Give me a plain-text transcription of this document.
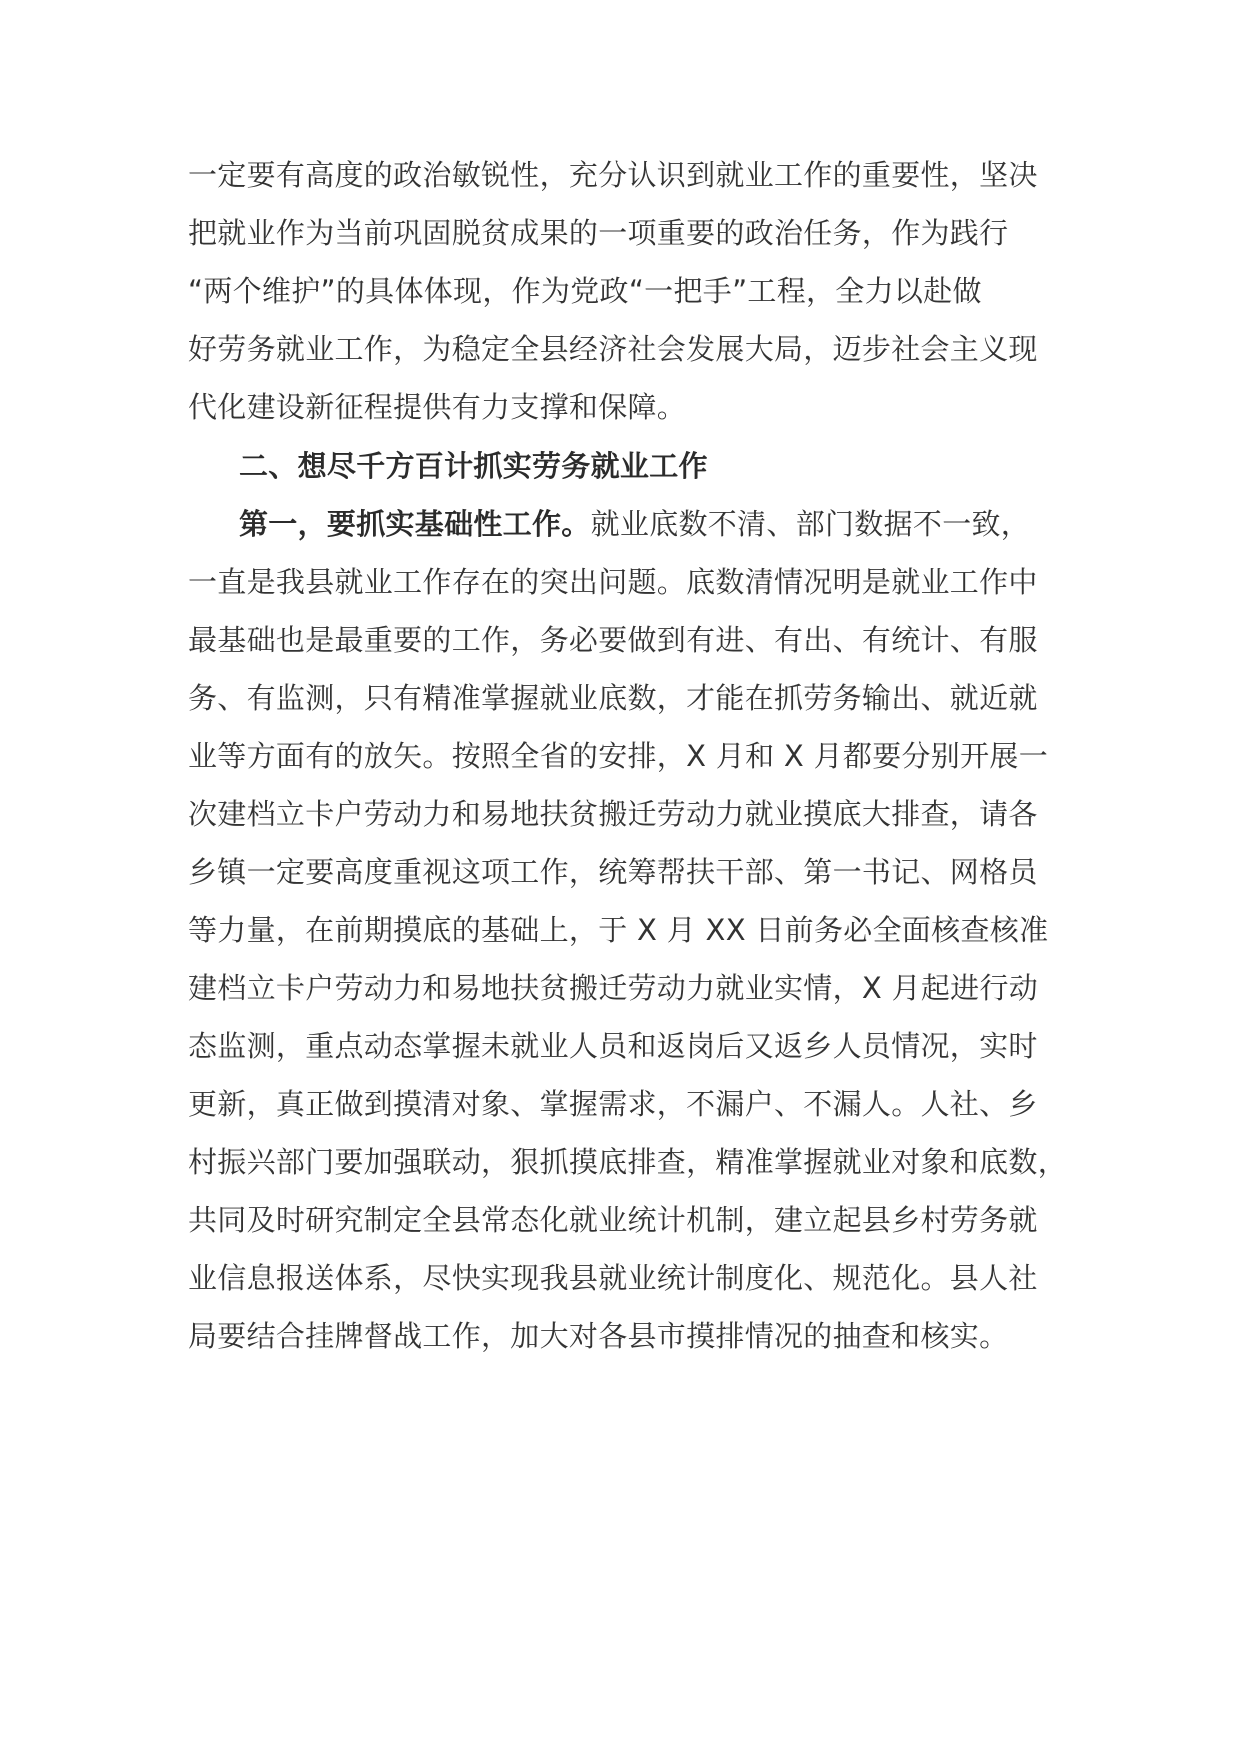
一定要有高度的政治敏锐性，充分认识到就业工作的重要性，坚决
把就业作为当前巩固脱贫成果的一项重要的政治任务，作为践行
“两个维护”的具体体现，作为党政“一把手”工程，全力以赴做
好劳务就业工作，为稳定全县经济社会发展大局，迈步社会主义现
代化建设新征程提供有力支撑和保障。
二、想尽千方百计抓实劳务就业工作
第一，要抓实基础性工作。就业底数不清、部门数据不一致，
一直是我县就业工作存在的突出问题。底数清情况明是就业工作中
最基础也是最重要的工作，务必要做到有进、有出、有统计、有服
务、有监测，只有精准掌握就业底数，才能在抓劳务输出、就近就
业等方面有的放矢。按照全省的安排，X 月和 X 月都要分别开展一
次建档立卡户劳动力和易地扶贫搬迁劳动力就业摸底大排查，请各
乡镇一定要高度重视这项工作，统筹帮扶干部、第一书记、网格员
等力量，在前期摸底的基础上，于 X 月 XX 日前务必全面核查核准
建档立卡户劳动力和易地扶贫搬迁劳动力就业实情，X 月起进行动
态监测，重点动态掌握未就业人员和返岗后又返乡人员情况，实时
更新，真正做到摸清对象、掌握需求，不漏户、不漏人。人社、乡
村振兴部门要加强联动，狠抓摸底排查，精准掌握就业对象和底数，
共同及时研究制定全县常态化就业统计机制，建立起县乡村劳务就
业信息报送体系，尽快实现我县就业统计制度化、规范化。县人社
局要结合挂牌督战工作，加大对各县市摸排情况的抽查和核实。
